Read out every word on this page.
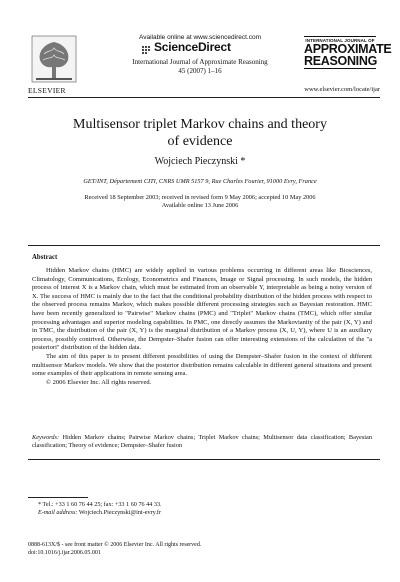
ELSEVIER
Available online at www.sciencedirect.com
ScienceDirect
International Journal of Approximate Reasoning
45 (2007) 1–16
INTERNATIONAL JOURNAL OF
APPROXIMATE
REASONING
www.elsevier.com/locate/ijar
Multisensor triplet Markov chains and theory
of evidence
Wojciech Pieczynski *
GET/INT, Département CITI, CNRS UMR 5157 9, Rue Charles Fourier, 91000 Evry, France
Received 18 September 2003; received in revised form 9 May 2006; accepted 10 May 2006
Available online 13 June 2006
Abstract

Hidden Markov chains (HMC) are widely applied in various problems occurring in different areas like Biosciences, Climatology, Communications, Ecology, Econometrics and Finances, Image or Signal processing. In such models, the hidden process of interest X is a Markov chain, which must be estimated from an observable Y, interpretable as being a noisy version of X. The success of HMC is mainly due to the fact that the conditional probability distribution of the hidden process with respect to the observed process remains Markov, which makes possible different processing strategies such as Bayesian restoration. HMC have been recently generalized to "Pairwise" Markov chains (PMC) and "Triplet" Markov chains (TMC), which offer similar processing advantages and superior modeling capabilities. In PMC, one directly assumes the Markovianity of the pair (X, Y) and in TMC, the distribution of the pair (X, Y) is the marginal distribution of a Markov process (X, U, Y), where U is an auxiliary process, possibly contrived. Otherwise, the Dempster–Shafer fusion can offer interesting extensions of the calculation of the "a posteriori" distribution of the hidden data.

The aim of this paper is to present different possibilities of using the Dempster–Shafer fusion in the context of different multisensor Markov models. We show that the posterior distribution remains calculable in different general situations and present some examples of their applications in remote sensing area.

© 2006 Elsevier Inc. All rights reserved.

Keywords: Hidden Markov chains; Pairwise Markov chains; Triplet Markov chains; Multisensor data classification; Bayesian classification; Theory of evidence; Dempster–Shafer fusion
* Tel.: +33 1 60 76 44 25; fax: +33 1 60 76 44 33.
E-mail address: Wojciech.Pieczynski@int-evry.fr
0888-613X/$ - see front matter © 2006 Elsevier Inc. All rights reserved.
doi:10.1016/j.ijar.2006.05.001
